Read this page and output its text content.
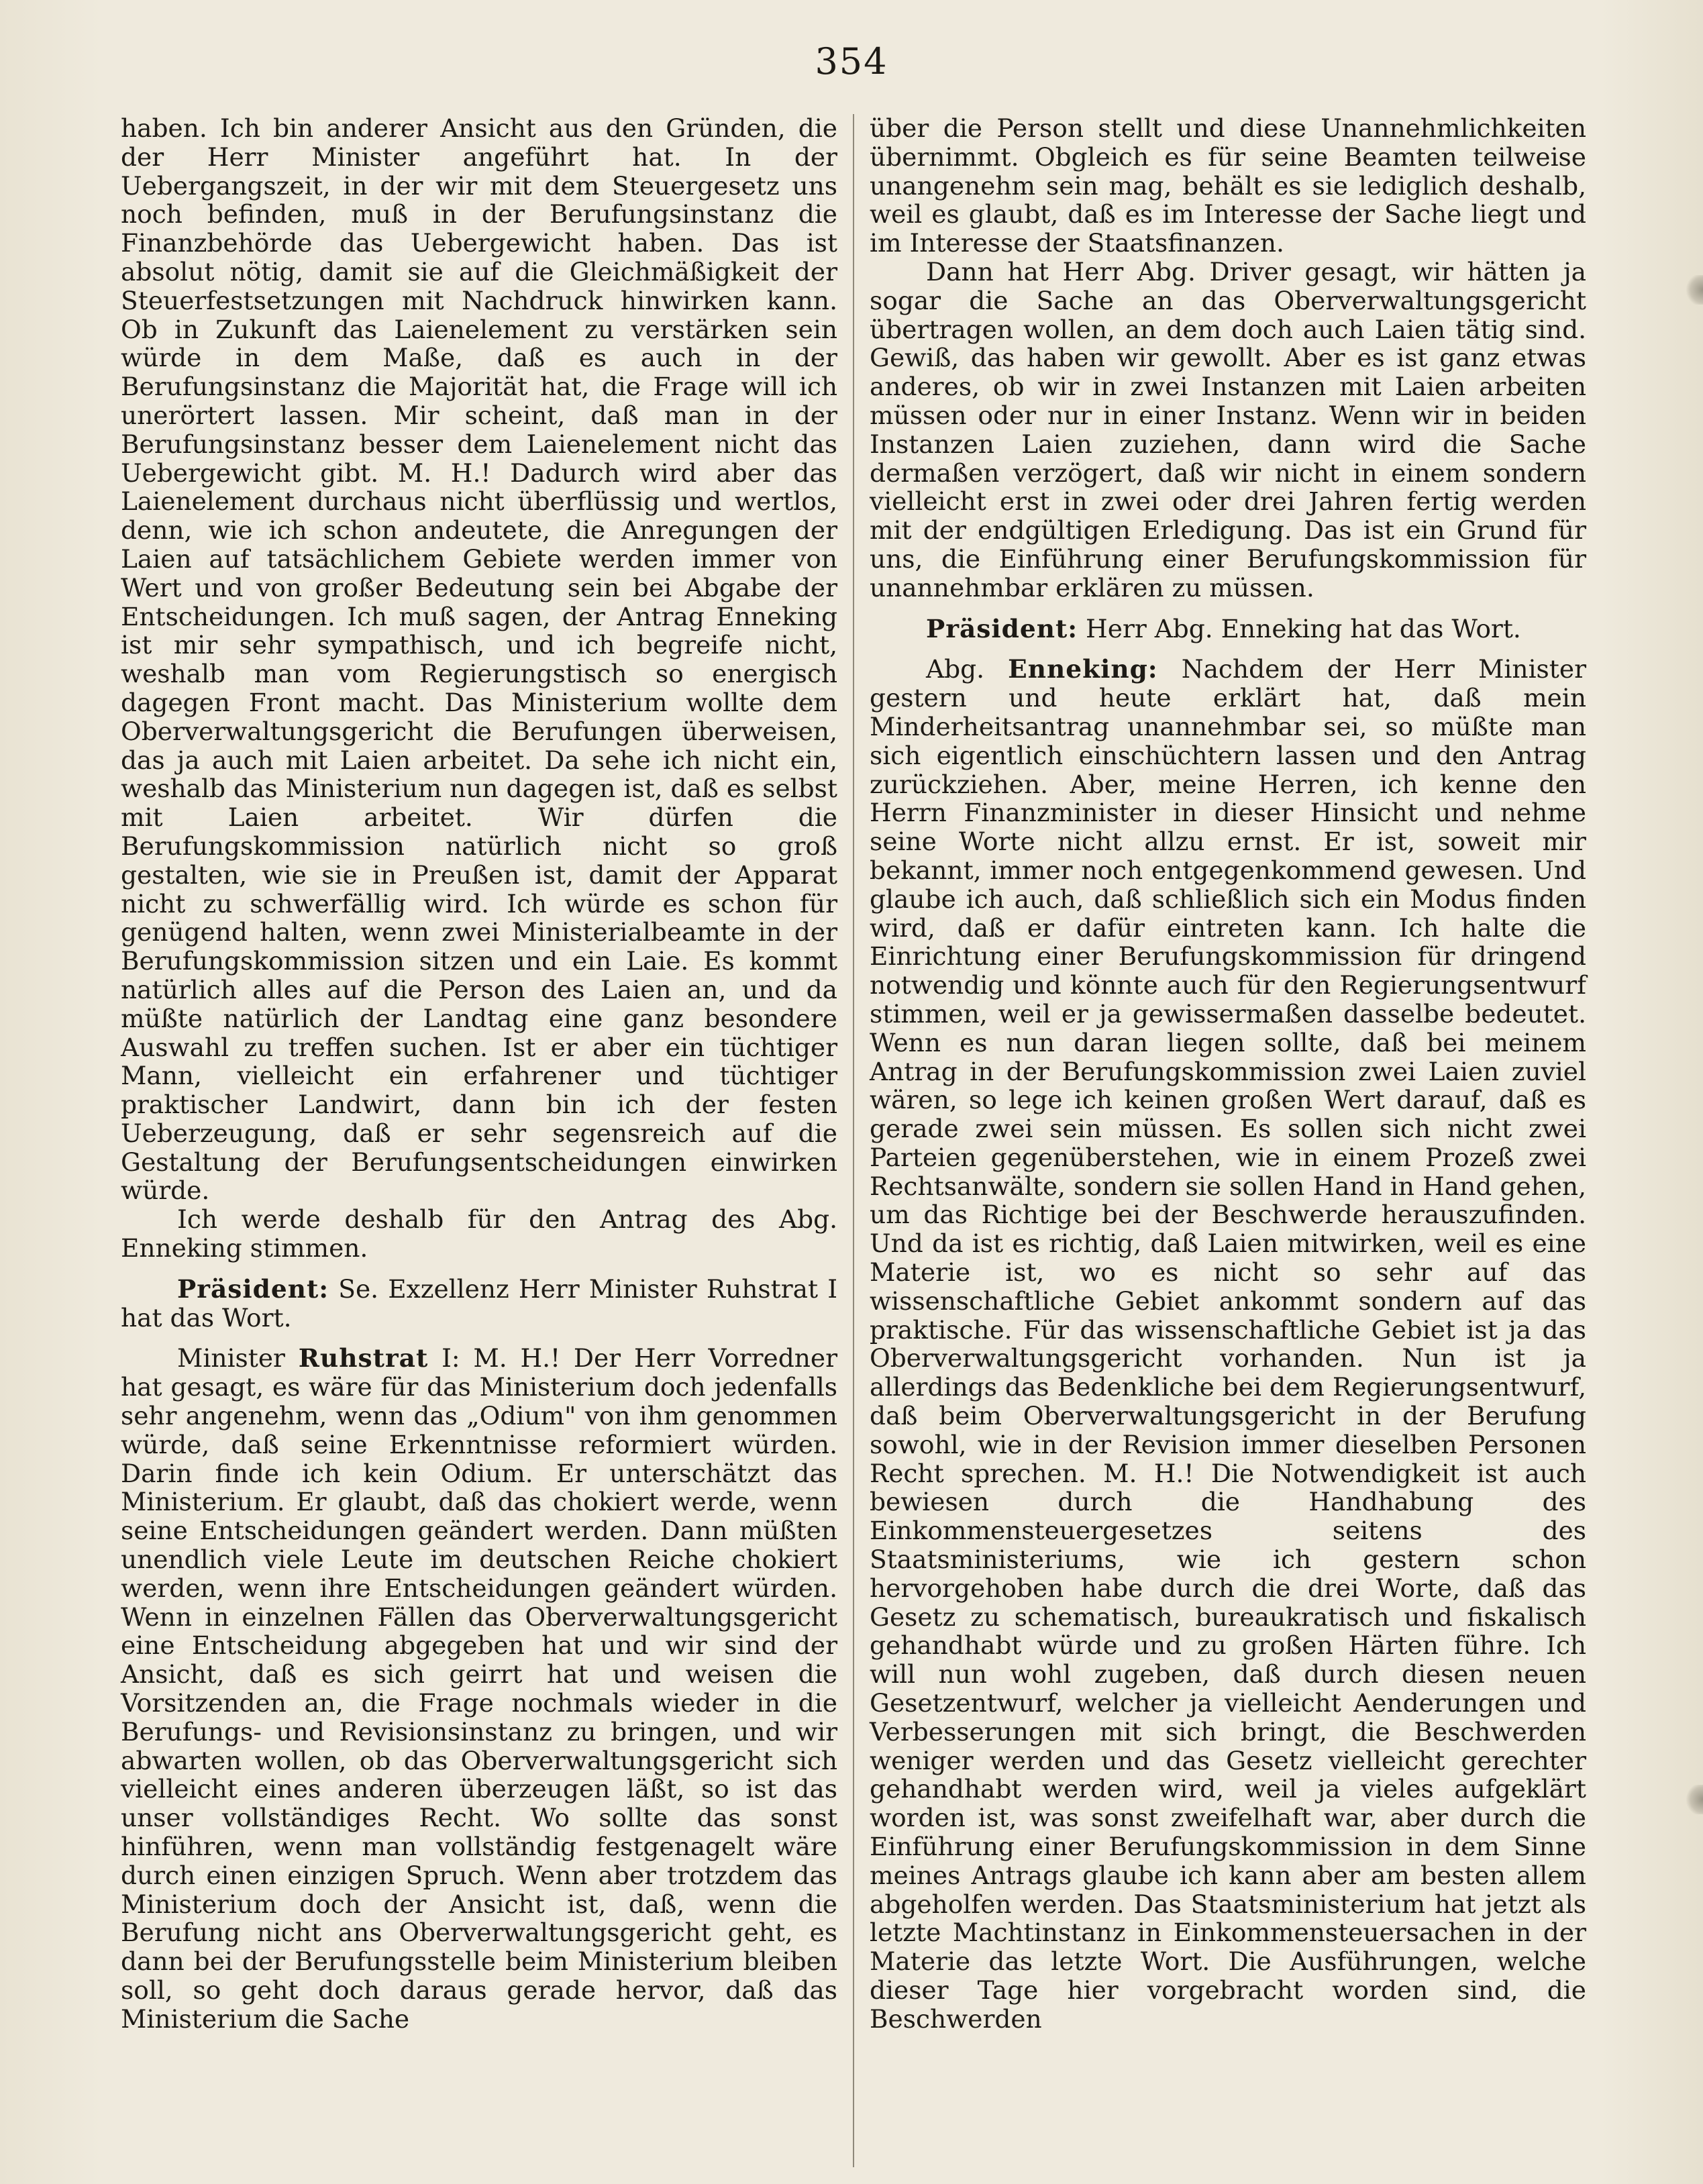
354

haben. Ich bin anderer Ansicht aus den Gründen, die der Herr Minister angeführt hat. In der Uebergangszeit, in der wir mit dem Steuergesetz uns noch befinden, muß in der Berufungsinstanz die Finanzbehörde das Uebergewicht haben. Das ist absolut nötig, damit sie auf die Gleichmäßigkeit der Steuerfestsetzungen mit Nachdruck hinwirken kann. Ob in Zukunft das Laienelement zu verstärken sein würde in dem Maße, daß es auch in der Berufungsinstanz die Majorität hat, die Frage will ich unerörtert lassen. Mir scheint, daß man in der Berufungsinstanz besser dem Laienelement nicht das Uebergewicht gibt. M. H.! Dadurch wird aber das Laienelement durchaus nicht überflüssig und wertlos, denn, wie ich schon andeutete, die Anregungen der Laien auf tatsächlichem Gebiete werden immer von Wert und von großer Bedeutung sein bei Abgabe der Entscheidungen. Ich muß sagen, der Antrag Enneking ist mir sehr sympathisch, und ich begreife nicht, weshalb man vom Regierungstisch so energisch dagegen Front macht. Das Ministerium wollte dem Oberverwaltungsgericht die Berufungen überweisen, das ja auch mit Laien arbeitet. Da sehe ich nicht ein, weshalb das Ministerium nun dagegen ist, daß es selbst mit Laien arbeitet. Wir dürfen die Berufungskommission natürlich nicht so groß gestalten, wie sie in Preußen ist, damit der Apparat nicht zu schwerfällig wird. Ich würde es schon für genügend halten, wenn zwei Ministerialbeamte in der Berufungskommission sitzen und ein Laie. Es kommt natürlich alles auf die Person des Laien an, und da müßte natürlich der Landtag eine ganz besondere Auswahl zu treffen suchen. Ist er aber ein tüchtiger Mann, vielleicht ein erfahrener und tüchtiger praktischer Landwirt, dann bin ich der festen Ueberzeugung, daß er sehr segensreich auf die Gestaltung der Berufungsentscheidungen einwirken würde.

Ich werde deshalb für den Antrag des Abg. Enneking stimmen.

Präsident: Se. Exzellenz Herr Minister Ruhstrat I hat das Wort.

Minister Ruhstrat I: M. H.! Der Herr Vorredner hat gesagt, es wäre für das Ministerium doch jedenfalls sehr angenehm, wenn das „Odium" von ihm genommen würde, daß seine Erkenntnisse reformiert würden. Darin finde ich kein Odium. Er unterschätzt das Ministerium. Er glaubt, daß das chokiert werde, wenn seine Entscheidungen geändert werden. Dann müßten unendlich viele Leute im deutschen Reiche chokiert werden, wenn ihre Entscheidungen geändert würden. Wenn in einzelnen Fällen das Oberverwaltungsgericht eine Entscheidung abgegeben hat und wir sind der Ansicht, daß es sich geirrt hat und weisen die Vorsitzenden an, die Frage nochmals wieder in die Berufungs- und Revisionsinstanz zu bringen, und wir abwarten wollen, ob das Oberverwaltungsgericht sich vielleicht eines anderen überzeugen läßt, so ist das unser vollständiges Recht. Wo sollte das sonst hinführen, wenn man vollständig festgenagelt wäre durch einen einzigen Spruch. Wenn aber trotzdem das Ministerium doch der Ansicht ist, daß, wenn die Berufung nicht ans Oberverwaltungsgericht geht, es dann bei der Berufungsstelle beim Ministerium bleiben soll, so geht doch daraus gerade hervor, daß das Ministerium die Sache

über die Person stellt und diese Unannehmlichkeiten übernimmt. Obgleich es für seine Beamten teilweise unangenehm sein mag, behält es sie lediglich deshalb, weil es glaubt, daß es im Interesse der Sache liegt und im Interesse der Staatsfinanzen.

Dann hat Herr Abg. Driver gesagt, wir hätten ja sogar die Sache an das Oberverwaltungsgericht übertragen wollen, an dem doch auch Laien tätig sind. Gewiß, das haben wir gewollt. Aber es ist ganz etwas anderes, ob wir in zwei Instanzen mit Laien arbeiten müssen oder nur in einer Instanz. Wenn wir in beiden Instanzen Laien zuziehen, dann wird die Sache dermaßen verzögert, daß wir nicht in einem sondern vielleicht erst in zwei oder drei Jahren fertig werden mit der endgültigen Erledigung. Das ist ein Grund für uns, die Einführung einer Berufungskommission für unannehmbar erklären zu müssen.

Präsident: Herr Abg. Enneking hat das Wort.

Abg. Enneking: Nachdem der Herr Minister gestern und heute erklärt hat, daß mein Minderheitsantrag unannehmbar sei, so müßte man sich eigentlich einschüchtern lassen und den Antrag zurückziehen. Aber, meine Herren, ich kenne den Herrn Finanzminister in dieser Hinsicht und nehme seine Worte nicht allzu ernst. Er ist, soweit mir bekannt, immer noch entgegenkommend gewesen. Und glaube ich auch, daß schließlich sich ein Modus finden wird, daß er dafür eintreten kann. Ich halte die Einrichtung einer Berufungskommission für dringend notwendig und könnte auch für den Regierungsentwurf stimmen, weil er ja gewissermaßen dasselbe bedeutet. Wenn es nun daran liegen sollte, daß bei meinem Antrag in der Berufungskommission zwei Laien zuviel wären, so lege ich keinen großen Wert darauf, daß es gerade zwei sein müssen. Es sollen sich nicht zwei Parteien gegenüberstehen, wie in einem Prozeß zwei Rechtsanwälte, sondern sie sollen Hand in Hand gehen, um das Richtige bei der Beschwerde herauszufinden. Und da ist es richtig, daß Laien mitwirken, weil es eine Materie ist, wo es nicht so sehr auf das wissenschaftliche Gebiet ankommt sondern auf das praktische. Für das wissenschaftliche Gebiet ist ja das Oberverwaltungsgericht vorhanden. Nun ist ja allerdings das Bedenkliche bei dem Regierungsentwurf, daß beim Oberverwaltungsgericht in der Berufung sowohl, wie in der Revision immer dieselben Personen Recht sprechen. M. H.! Die Notwendigkeit ist auch bewiesen durch die Handhabung des Einkommensteuergesetzes seitens des Staatsministeriums, wie ich gestern schon hervorgehoben habe durch die drei Worte, daß das Gesetz zu schematisch, bureaukratisch und fiskalisch gehandhabt würde und zu großen Härten führe. Ich will nun wohl zugeben, daß durch diesen neuen Gesetzentwurf, welcher ja vielleicht Aenderungen und Verbesserungen mit sich bringt, die Beschwerden weniger werden und das Gesetz vielleicht gerechter gehandhabt werden wird, weil ja vieles aufgeklärt worden ist, was sonst zweifelhaft war, aber durch die Einführung einer Berufungskommission in dem Sinne meines Antrags glaube ich kann aber am besten allem abgeholfen werden. Das Staatsministerium hat jetzt als letzte Machtinstanz in Einkommensteuersachen in der Materie das letzte Wort. Die Ausführungen, welche dieser Tage hier vorgebracht worden sind, die Beschwerden
